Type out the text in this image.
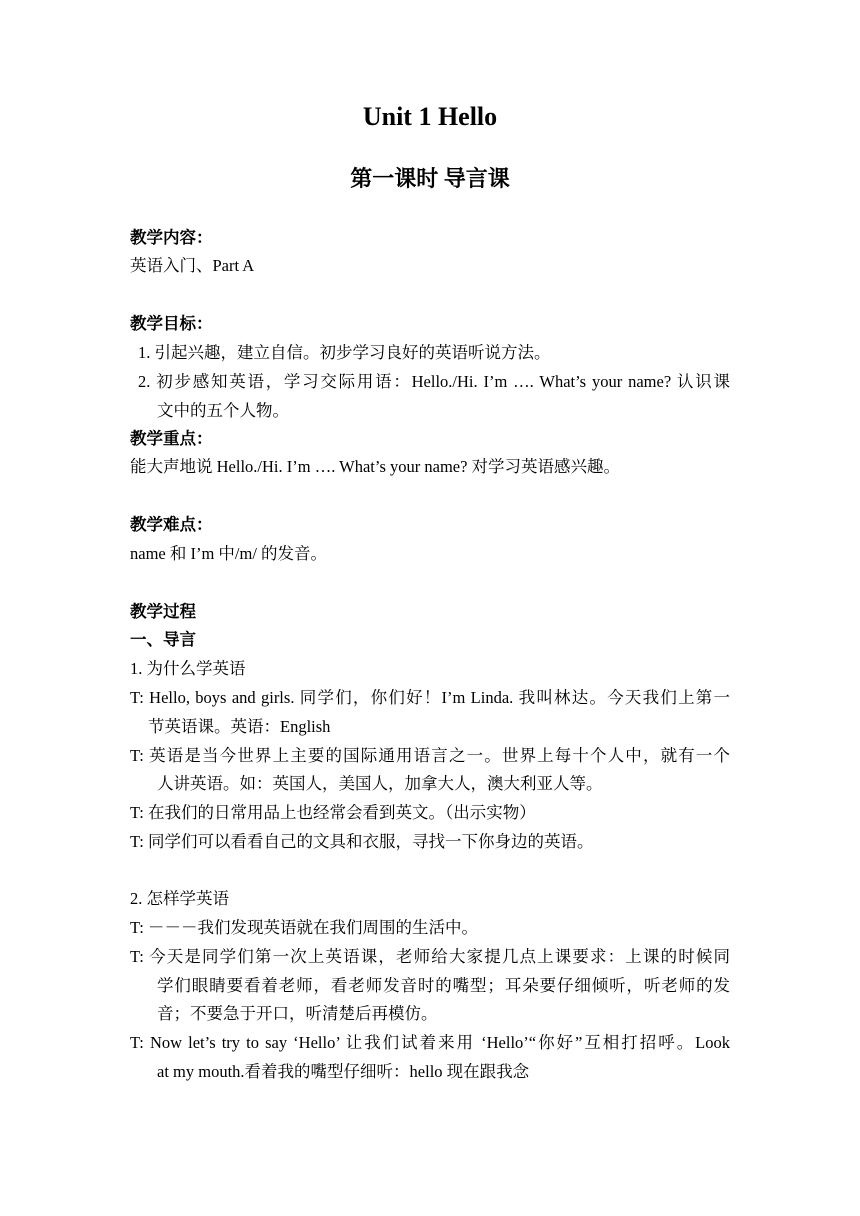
Unit 1 Hello
第一课时 导言课
教学内容：
英语入门、Part A
教学目标：
1. 引起兴趣，建立自信。初步学习良好的英语听说方法。
2. 初步感知英语，学习交际用语：Hello./Hi. I’m …. What’s your name? 认识课
文中的五个人物。
教学重点：
能大声地说 Hello./Hi. I’m …. What’s your name? 对学习英语感兴趣。
教学难点：
name 和 I’m 中/m/ 的发音。
教学过程
一、导言
1. 为什么学英语
T: Hello, boys and girls. 同学们，你们好！I’m Linda. 我叫林达。今天我们上第一
节英语课。英语：English
T: 英语是当今世界上主要的国际通用语言之一。世界上每十个人中，就有一个
人讲英语。如：英国人，美国人，加拿大人，澳大利亚人等。
T: 在我们的日常用品上也经常会看到英文。（出示实物）
T: 同学们可以看看自己的文具和衣服，寻找一下你身边的英语。
2. 怎样学英语
T: －－－我们发现英语就在我们周围的生活中。
T: 今天是同学们第一次上英语课，老师给大家提几点上课要求：上课的时候同
学们眼睛要看着老师，看老师发音时的嘴型；耳朵要仔细倾听，听老师的发
音；不要急于开口，听清楚后再模仿。
T: Now let’s try to say ‘Hello’ 让我们试着来用 ‘Hello’“你好”互相打招呼。Look
at my mouth.看着我的嘴型仔细听：hello 现在跟我念
